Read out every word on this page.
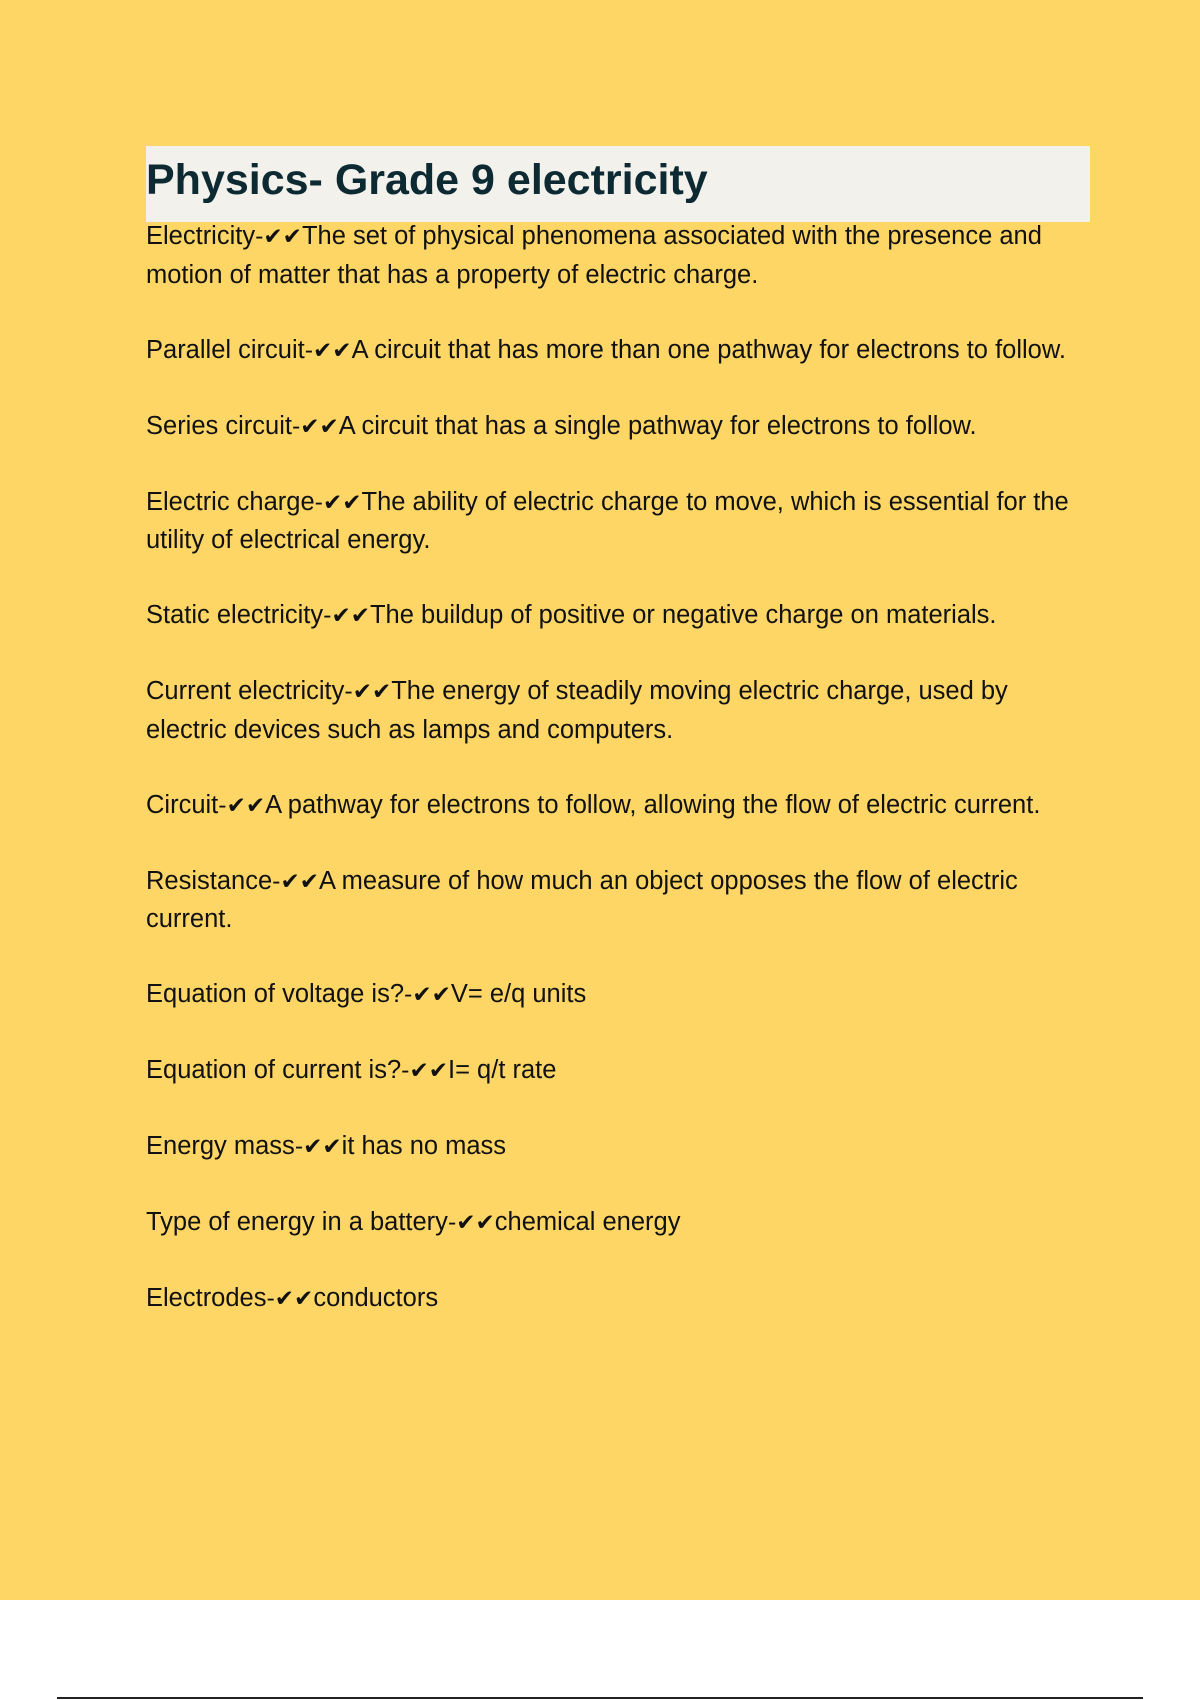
Physics- Grade 9 electricity
Electricity-✔✔The set of physical phenomena associated with the presence and motion of matter that has a property of electric charge.
Parallel circuit-✔✔A circuit that has more than one pathway for electrons to follow.
Series circuit-✔✔A circuit that has a single pathway for electrons to follow.
Electric charge-✔✔The ability of electric charge to move, which is essential for the utility of electrical energy.
Static electricity-✔✔The buildup of positive or negative charge on materials.
Current electricity-✔✔The energy of steadily moving electric charge, used by electric devices such as lamps and computers.
Circuit-✔✔A pathway for electrons to follow, allowing the flow of electric current.
Resistance-✔✔A measure of how much an object opposes the flow of electric current.
Equation of voltage is?-✔✔V= e/q units
Equation of current is?-✔✔I= q/t rate
Energy mass-✔✔it has no mass
Type of energy in a battery-✔✔chemical energy
Electrodes-✔✔conductors
